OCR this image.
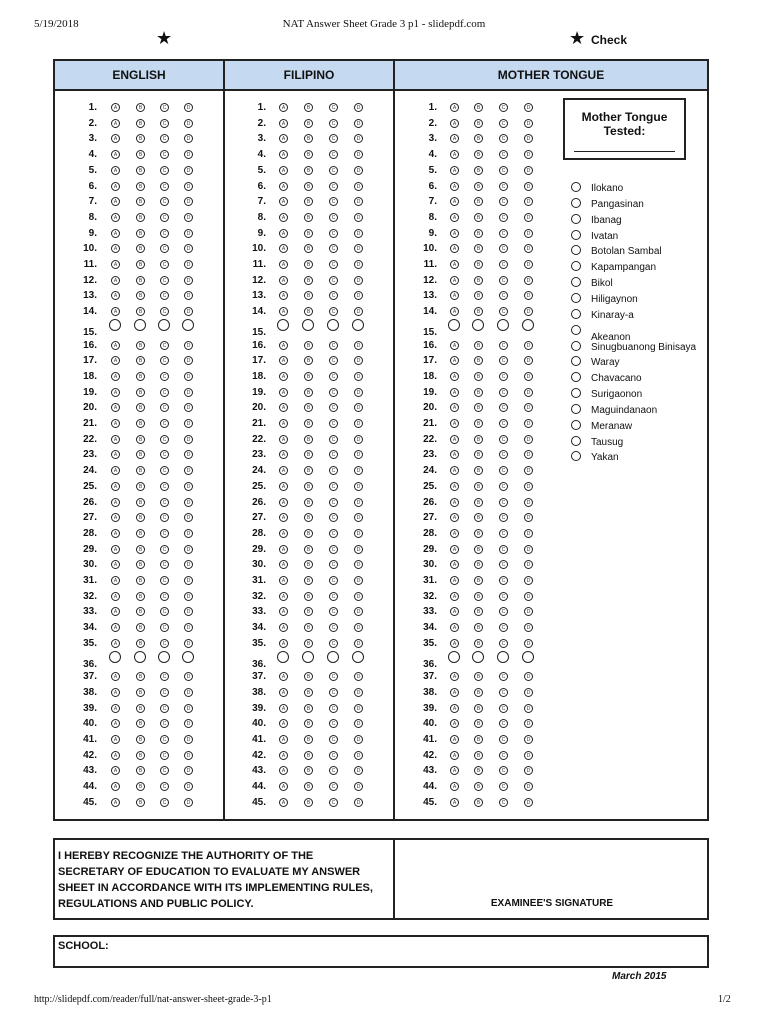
5/19/2018	NAT Answer Sheet Grade 3 p1 - slidepdf.com
★	★ Check
ENGLISH	FILIPINO	MOTHER TONGUE
1.	A	B	C	D
2.	A	B	C	D
3.	A	B	C	D
4.	A	B	C	D
5.	A	B	C	D
6.	A	B	C	D
7.	A	B	C	D
8.	A	B	C	D
9.	A	B	C	D
10.	A	B	C	D
11.	A	B	C	D
12.	A	B	C	D
13.	A	B	C	D
14.	A	B	C	D
15.
16.	A	B	C	D
17.	A	B	C	D
18.	A	B	C	D
19.	A	B	C	D
20.	A	B	C	D
21.	A	B	C	D
22.	A	B	C	D
23.	A	B	C	D
24.	A	B	C	D
25.	A	B	C	D
26.	A	B	C	D
27.	A	B	C	D
28.	A	B	C	D
29.	A	B	C	D
30.	A	B	C	D
31.	A	B	C	D
32.	A	B	C	D
33.	A	B	C	D
34.	A	B	C	D
35.	A	B	C	D
36.
37.	A	B	C	D
38.	A	B	C	D
39.	A	B	C	D
40.	A	B	C	D
41.	A	B	C	D
42.	A	B	C	D
43.	A	B	C	D
44.	A	B	C	D
45.	A	B	C	D
1.	A	B	C	D
2.	A	B	C	D
3.	A	B	C	D
4.	A	B	C	D
5.	A	B	C	D
6.	A	B	C	D
7.	A	B	C	D
8.	A	B	C	D
9.	A	B	C	D
10.	A	B	C	D
11.	A	B	C	D
12.	A	B	C	D
13.	A	B	C	D
14.	A	B	C	D
15.
16.	A	B	C	D
17.	A	B	C	D
18.	A	B	C	D
19.	A	B	C	D
20.	A	B	C	D
21.	A	B	C	D
22.	A	B	C	D
23.	A	B	C	D
24.	A	B	C	D
25.	A	B	C	D
26.	A	B	C	D
27.	A	B	C	D
28.	A	B	C	D
29.	A	B	C	D
30.	A	B	C	D
31.	A	B	C	D
32.	A	B	C	D
33.	A	B	C	D
34.	A	B	C	D
35.	A	B	C	D
36.
37.	A	B	C	D
38.	A	B	C	D
39.	A	B	C	D
40.	A	B	C	D
41.	A	B	C	D
42.	A	B	C	D
43.	A	B	C	D
44.	A	B	C	D
45.	A	B	C	D
1.	A	B	C	D
2.	A	B	C	D
3.	A	B	C	D
4.	A	B	C	D
5.	A	B	C	D
6.	A	B	C	D
7.	A	B	C	D
8.	A	B	C	D
9.	A	B	C	D
10.	A	B	C	D
11.	A	B	C	D
12.	A	B	C	D
13.	A	B	C	D
14.	A	B	C	D
15.
16.	A	B	C	D
17.	A	B	C	D
18.	A	B	C	D
19.	A	B	C	D
20.	A	B	C	D
21.	A	B	C	D
22.	A	B	C	D
23.	A	B	C	D
24.	A	B	C	D
25.	A	B	C	D
26.	A	B	C	D
27.	A	B	C	D
28.	A	B	C	D
29.	A	B	C	D
30.	A	B	C	D
31.	A	B	C	D
32.	A	B	C	D
33.	A	B	C	D
34.	A	B	C	D
35.	A	B	C	D
36.
37.	A	B	C	D
38.	A	B	C	D
39.	A	B	C	D
40.	A	B	C	D
41.	A	B	C	D
42.	A	B	C	D
43.	A	B	C	D
44.	A	B	C	D
45.	A	B	C	D
Mother Tongue Tested:
Ilokano
Pangasinan
Ibanag
Ivatan
Botolan Sambal
Kapampangan
Bikol
Hiligaynon
Kinaray-a
Akeanon
Sinugbuanong Binisaya
Waray
Chavacano
Surigaonon
Maguindanaon
Meranaw
Tausug
Yakan
I HEREBY RECOGNIZE THE AUTHORITY OF THE SECRETARY OF EDUCATION TO EVALUATE MY ANSWER SHEET IN ACCORDANCE WITH ITS IMPLEMENTING RULES, REGULATIONS AND PUBLIC POLICY.	EXAMINEE'S SIGNATURE
SCHOOL:
March 2015
http://slidepdf.com/reader/full/nat-answer-sheet-grade-3-p1	1/2
